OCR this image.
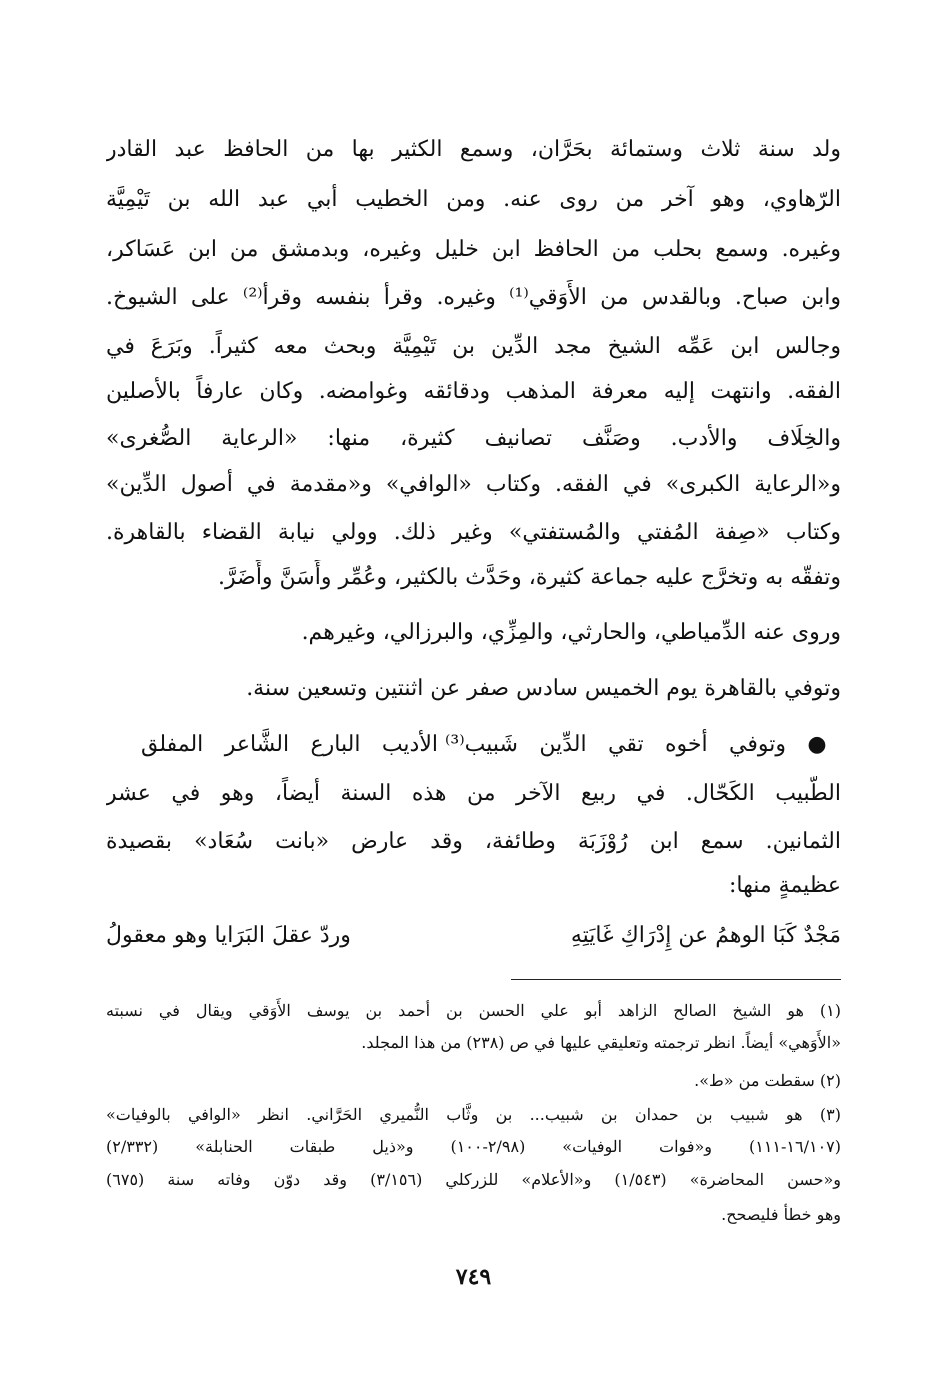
ولد سنة ثلاث وستمائة بحَرَّان، وسمع الكثير بها من الحافظ عبد القادر
الرّهاوي، وهو آخر من روى عنه. ومن الخطيب أبي عبد الله بن تَيْمِيَّة
وغيره. وسمع بحلب من الحافظ ابن خليل وغيره، وبدمشق من ابن عَسَاكر،
وابن صباح. وبالقدس من الأَوَقي⁽¹⁾ وغيره. وقرأ بنفسه وقرأ⁽²⁾ على الشيوخ.
وجالس ابن عَمِّه الشيخ مجد الدِّين بن تَيْمِيَّة وبحث معه كثيراً. وبَرَعَ في
الفقه. وانتهت إليه معرفة المذهب ودقائقه وغوامضه. وكان عارفاً بالأصلين
والخِلَاف والأدب. وصَنَّف تصانيف كثيرة، منها: «الرعاية الصُّغرى»
و«الرعاية الكبرى» في الفقه. وكتاب «الوافي» و«مقدمة في أصول الدِّين»
وكتاب «صِفة المُفتي والمُستفتي» وغير ذلك. وولي نيابة القضاء بالقاهرة.
وتفقّه به وتخرَّج عليه جماعة كثيرة، وحَدَّث بالكثير، وعُمِّر وأَسَنَّ وأَضَرَّ.
وروى عنه الدِّمياطي، والحارثي، والمِزِّي، والبرزالي، وغيرهم.
وتوفي بالقاهرة يوم الخميس سادس صفر عن اثنتين وتسعين سنة.
● وتوفي أخوه تقي الدِّين شَبيب⁽³⁾ الأديب البارع الشَّاعر المفلق
الطَّبيب الكَحّال. في ربيع الآخر من هذه السنة أيضاً، وهو في عشر
الثمانين. سمع ابن رُوْزَبَة وطائفة، وقد عارض «بانت سُعَاد» بقصيدة
عظيمةٍ منها:
مَجْدٌ كَبَا الوهمُ عن إِدْرَاكِ غَايَتِهِ
وردّ عقلَ البَرَايا وهو معقولُ
(١) هو الشيخ الصالح الزاهد أبو علي الحسن بن أحمد بن يوسف الأَوَقي ويقال في نسبته
«الأَوَهي» أيضاً. انظر ترجمته وتعليقي عليها في ص (٢٣٨) من هذا المجلد.
(٢) سقطت من «ط».
(٣) هو شبيب بن حمدان بن شبيب... بن وثَّاب النُّميري الحَرَّاني. انظر «الوافي بالوفيات»
(١٦/١٠٧-١١١) و«فوات الوفيات» (٢/٩٨-١٠٠) و«ذيل طبقات الحنابلة» (٢/٣٣٢)
و«حسن المحاضرة» (١/٥٤٣) و«الأعلام» للزركلي (٣/١٥٦) وقد دوّن وفاته سنة (٦٧٥)
وهو خطأ فليصحح.
٧٤٩
